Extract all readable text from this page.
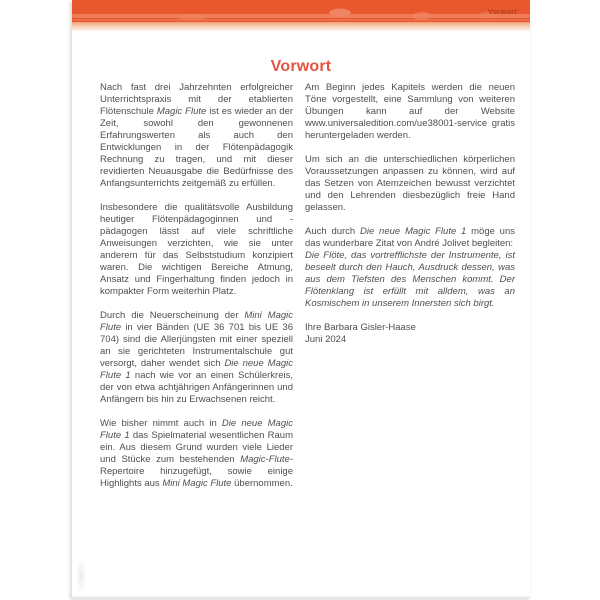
Vorwort
Vorwort

Nach fast drei Jahrzehnten erfolgreicher Unterrichtspraxis mit der etablierten Flötenschule Magic Flute ist es wieder an der Zeit, sowohl den gewonnenen Erfahrungswerten als auch den Entwicklungen in der Flötenpädagogik Rechnung zu tragen, und mit dieser revidierten Neuausgabe die Bedürfnisse des Anfangsunterrichts zeitgemäß zu erfüllen.

Insbesondere die qualitätsvolle Ausbildung heutiger Flötenpädagoginnen und -pädagogen lässt auf viele schriftliche Anweisungen verzichten, wie sie unter anderem für das Selbststudium konzipiert waren. Die wichtigen Bereiche Atmung, Ansatz und Fingerhaltung finden jedoch in kompakter Form weiterhin Platz.

Durch die Neuerscheinung der Mini Magic Flute in vier Bänden (UE 36 701 bis UE 36 704) sind die Allerjüngsten mit einer speziell an sie gerichteten Instrumentalschule gut versorgt, daher wendet sich Die neue Magic Flute 1 nach wie vor an einen Schülerkreis, der von etwa achtjährigen Anfängerinnen und Anfängern bis hin zu Erwachsenen reicht.

Wie bisher nimmt auch in Die neue Magic Flute 1 das Spielmaterial wesentlichen Raum ein. Aus diesem Grund wurden viele Lieder und Stücke zum bestehenden Magic-Flute-Repertoire hinzugefügt, sowie einige Highlights aus Mini Magic Flute übernommen.

Am Beginn jedes Kapitels werden die neuen Töne vorgestellt, eine Sammlung von weiteren Übungen kann auf der Website www.universaledition.com/ue38001-service gratis heruntergeladen werden.

Um sich an die unterschiedlichen körperlichen Voraussetzungen anpassen zu können, wird auf das Setzen von Atemzeichen bewusst verzichtet und den Lehrenden diesbezüglich freie Hand gelassen.

Auch durch Die neue Magic Flute 1 möge uns das wunderbare Zitat von André Jolivet begleiten:

Die Flöte, das vortrefflichste der Instrumente, ist beseelt durch den Hauch, Ausdruck dessen, was aus dem Tiefsten des Menschen kommt. Der Flötenklang ist erfüllt mit alldem, was an Kosmischem in unserem Innersten sich birgt.

Ihre Barbara Gisler-Haase
Juni 2024
